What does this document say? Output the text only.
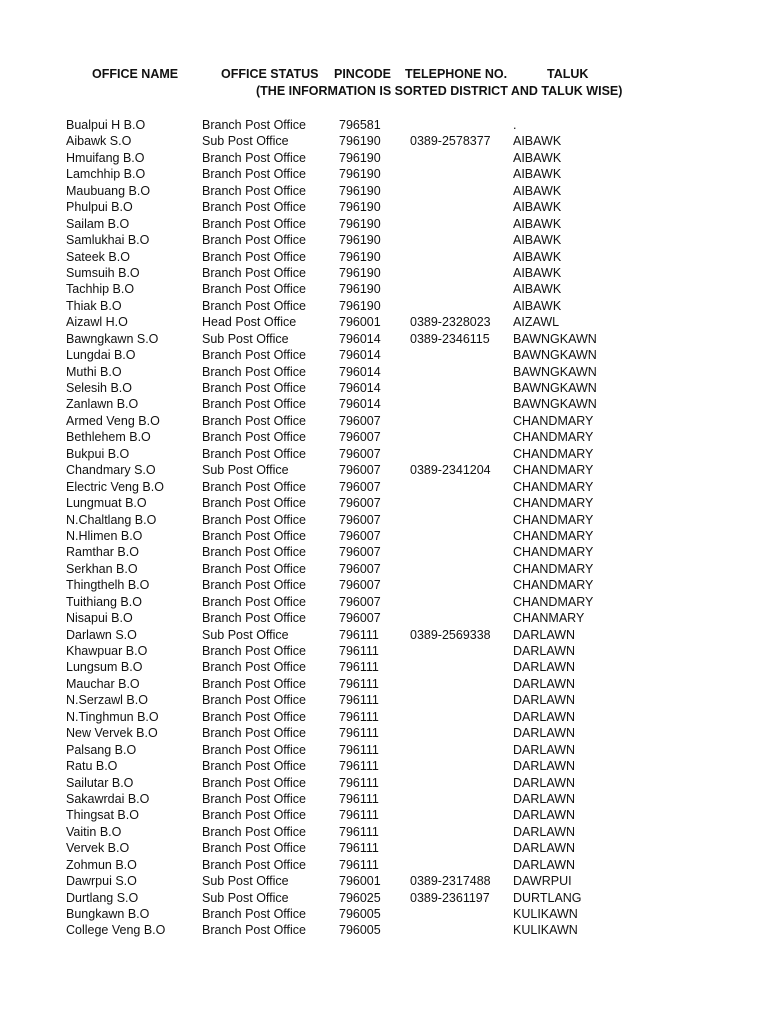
OFFICE NAME	OFFICE STATUS PINCODE TELEPHONE NO.	TALUK
(THE INFORMATION IS SORTED DISTRICT AND TALUK WISE)
Bualpui H B.O	Branch Post Office	796581	.
Aibawk S.O	Sub Post Office	796190 0389-2578377 AIBAWK
Hmuifang B.O	Branch Post Office	796190	AIBAWK
Lamchhip B.O	Branch Post Office	796190	AIBAWK
Maubuang B.O	Branch Post Office	796190	AIBAWK
Phulpui B.O	Branch Post Office	796190	AIBAWK
Sailam B.O	Branch Post Office	796190	AIBAWK
Samlukhai B.O	Branch Post Office	796190	AIBAWK
Sateek B.O	Branch Post Office	796190	AIBAWK
Sumsuih B.O	Branch Post Office	796190	AIBAWK
Tachhip B.O	Branch Post Office	796190	AIBAWK
Thiak B.O	Branch Post Office	796190	AIBAWK
Aizawl H.O	Head Post Office	796001 0389-2328023 AIZAWL
Bawngkawn S.O	Sub Post Office	796014 0389-2346115 BAWNGKAWN
Lungdai B.O	Branch Post Office	796014	BAWNGKAWN
Muthi B.O	Branch Post Office	796014	BAWNGKAWN
Selesih B.O	Branch Post Office	796014	BAWNGKAWN
Zanlawn B.O	Branch Post Office	796014	BAWNGKAWN
Armed Veng B.O	Branch Post Office	796007	CHANDMARY
Bethlehem B.O	Branch Post Office	796007	CHANDMARY
Bukpui B.O	Branch Post Office	796007	CHANDMARY
Chandmary S.O	Sub Post Office	796007 0389-2341204 CHANDMARY
Electric Veng B.O	Branch Post Office	796007	CHANDMARY
Lungmuat B.O	Branch Post Office	796007	CHANDMARY
N.Chaltlang B.O	Branch Post Office	796007	CHANDMARY
N.Hlimen B.O	Branch Post Office	796007	CHANDMARY
Ramthar B.O	Branch Post Office	796007	CHANDMARY
Serkhan B.O	Branch Post Office	796007	CHANDMARY
Thingthelh B.O	Branch Post Office	796007	CHANDMARY
Tuithiang B.O	Branch Post Office	796007	CHANDMARY
Nisapui B.O	Branch Post Office	796007	CHANMARY
Darlawn S.O	Sub Post Office	796111 0389-2569338 DARLAWN
Khawpuar B.O	Branch Post Office	796111	DARLAWN
Lungsum B.O	Branch Post Office	796111	DARLAWN
Mauchar B.O	Branch Post Office	796111	DARLAWN
N.Serzawl B.O	Branch Post Office	796111	DARLAWN
N.Tinghmun B.O	Branch Post Office	796111	DARLAWN
New Vervek B.O	Branch Post Office	796111	DARLAWN
Palsang B.O	Branch Post Office	796111	DARLAWN
Ratu B.O	Branch Post Office	796111	DARLAWN
Sailutar B.O	Branch Post Office	796111	DARLAWN
Sakawrdai B.O	Branch Post Office	796111	DARLAWN
Thingsat B.O	Branch Post Office	796111	DARLAWN
Vaitin B.O	Branch Post Office	796111	DARLAWN
Vervek B.O	Branch Post Office	796111	DARLAWN
Zohmun B.O	Branch Post Office	796111	DARLAWN
Dawrpui S.O	Sub Post Office	796001 0389-2317488 DAWRPUI
Durtlang S.O	Sub Post Office	796025 0389-2361197 DURTLANG
Bungkawn B.O	Branch Post Office	796005	KULIKAWN
College Veng B.O	Branch Post Office	796005	KULIKAWN
